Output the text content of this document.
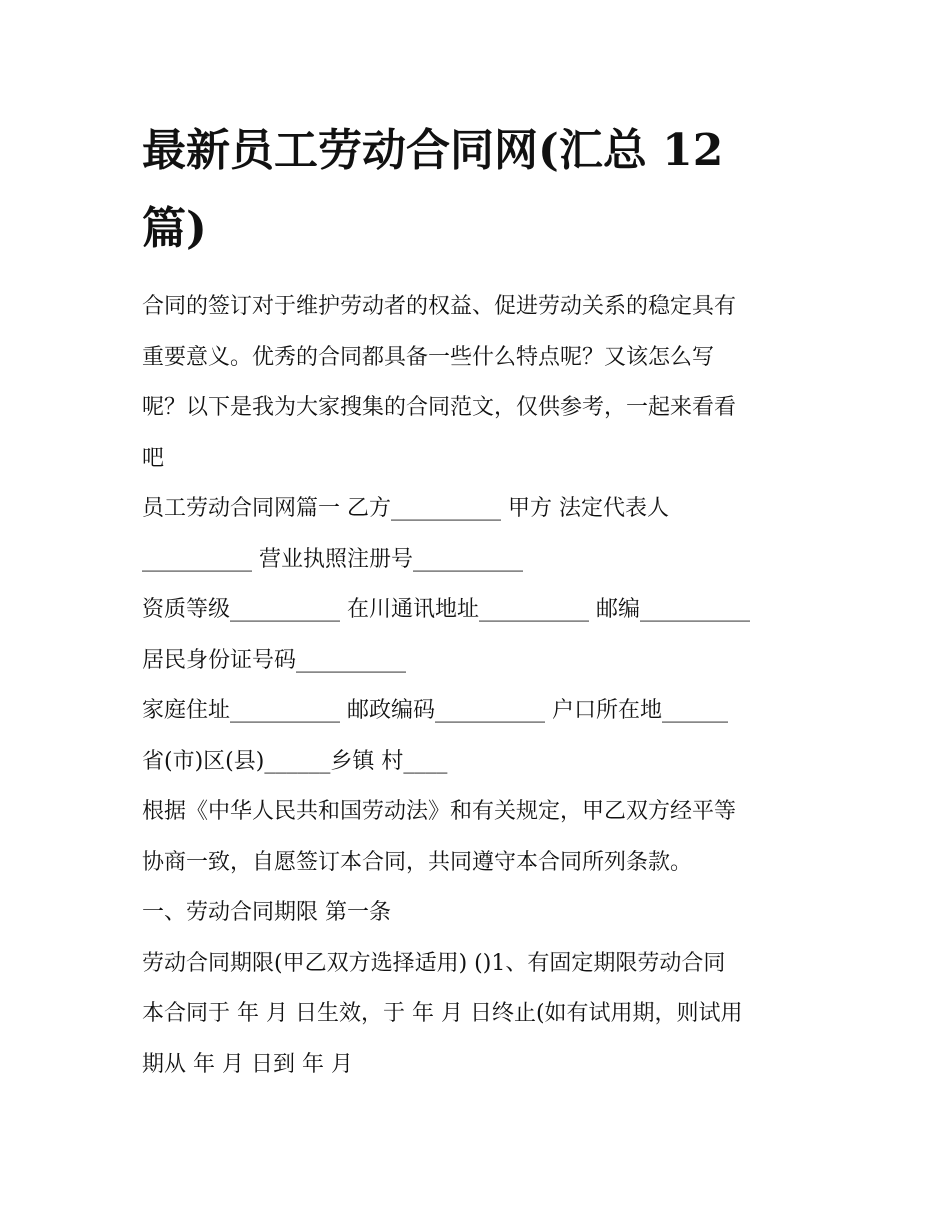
最新员工劳动合同网(汇总 12
篇)

合同的签订对于维护劳动者的权益、促进劳动关系的稳定具有

重要意义。优秀的合同都具备一些什么特点呢？又该怎么写

呢？以下是我为大家搜集的合同范文，仅供参考，一起来看看

吧

员工劳动合同网篇一 乙方__________ 甲方 法定代表人

__________ 营业执照注册号__________

资质等级__________ 在川通讯地址__________ 邮编__________

居民身份证号码__________

家庭住址__________ 邮政编码__________ 户口所在地______

省(市)区(县)______乡镇 村____

根据《中华人民共和国劳动法》和有关规定，甲乙双方经平等

协商一致，自愿签订本合同，共同遵守本合同所列条款。

一、劳动合同期限 第一条

劳动合同期限(甲乙双方选择适用) ()1、有固定期限劳动合同

本合同于 年 月 日生效，于 年 月 日终止(如有试用期，则试用

期从 年 月 日到 年 月
